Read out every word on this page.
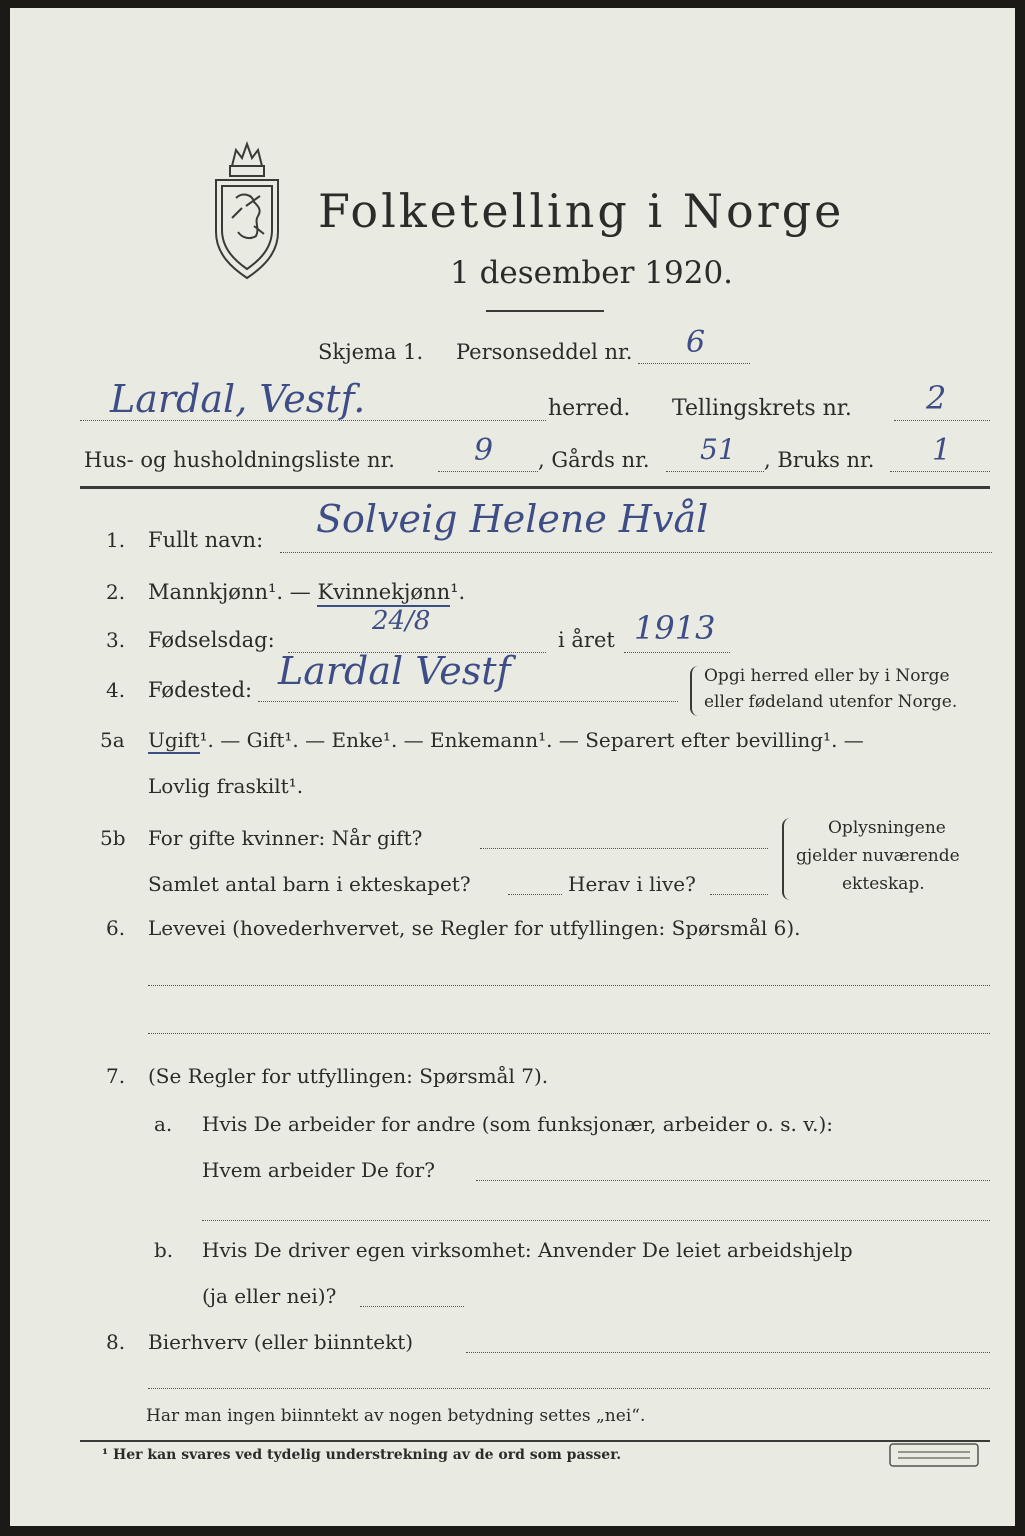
Folketelling i Norge
1 desember 1920.
Skjema 1. Personseddel nr. 6
Lardal, Vestf.	herred. Tellingskrets nr. 2
Hus- og husholdningsliste nr.	9 , Gårds nr. 51 , Bruks nr. 1
1. Fullt navn: Solveig Helene Hvål
2. Mannkjønn¹. — Kvinnekjønn¹.
3. Fødselsdag:
24/8
i året 1913
4. Fødested: Lardal Vestf	Opgi herred eller by i Norge
eller fødeland utenfor Norge.
5a Ugift¹. — Gift¹. — Enke¹. — Enkemann¹. — Separert efter bevilling¹. —
Lovlig fraskilt¹.
5b For gifte kvinner: Når gift?
Samlet antal barn i ekteskapet?	Herav i live?
Oplysningene
gjelder nuværende
ekteskap.
6. Levevei (hovederhvervet, se Regler for utfyllingen: Spørsmål 6).
7. (Se Regler for utfyllingen: Spørsmål 7).
a. Hvis De arbeider for andre (som funksjonær, arbeider o. s. v.):
Hvem arbeider De for?
b. Hvis De driver egen virksomhet: Anvender De leiet arbeidshjelp
(ja eller nei)?
8. Bierhverv (eller biinntekt)
Har man ingen biinntekt av nogen betydning settes „nei“.
¹ Her kan svares ved tydelig understrekning av de ord som passer.
